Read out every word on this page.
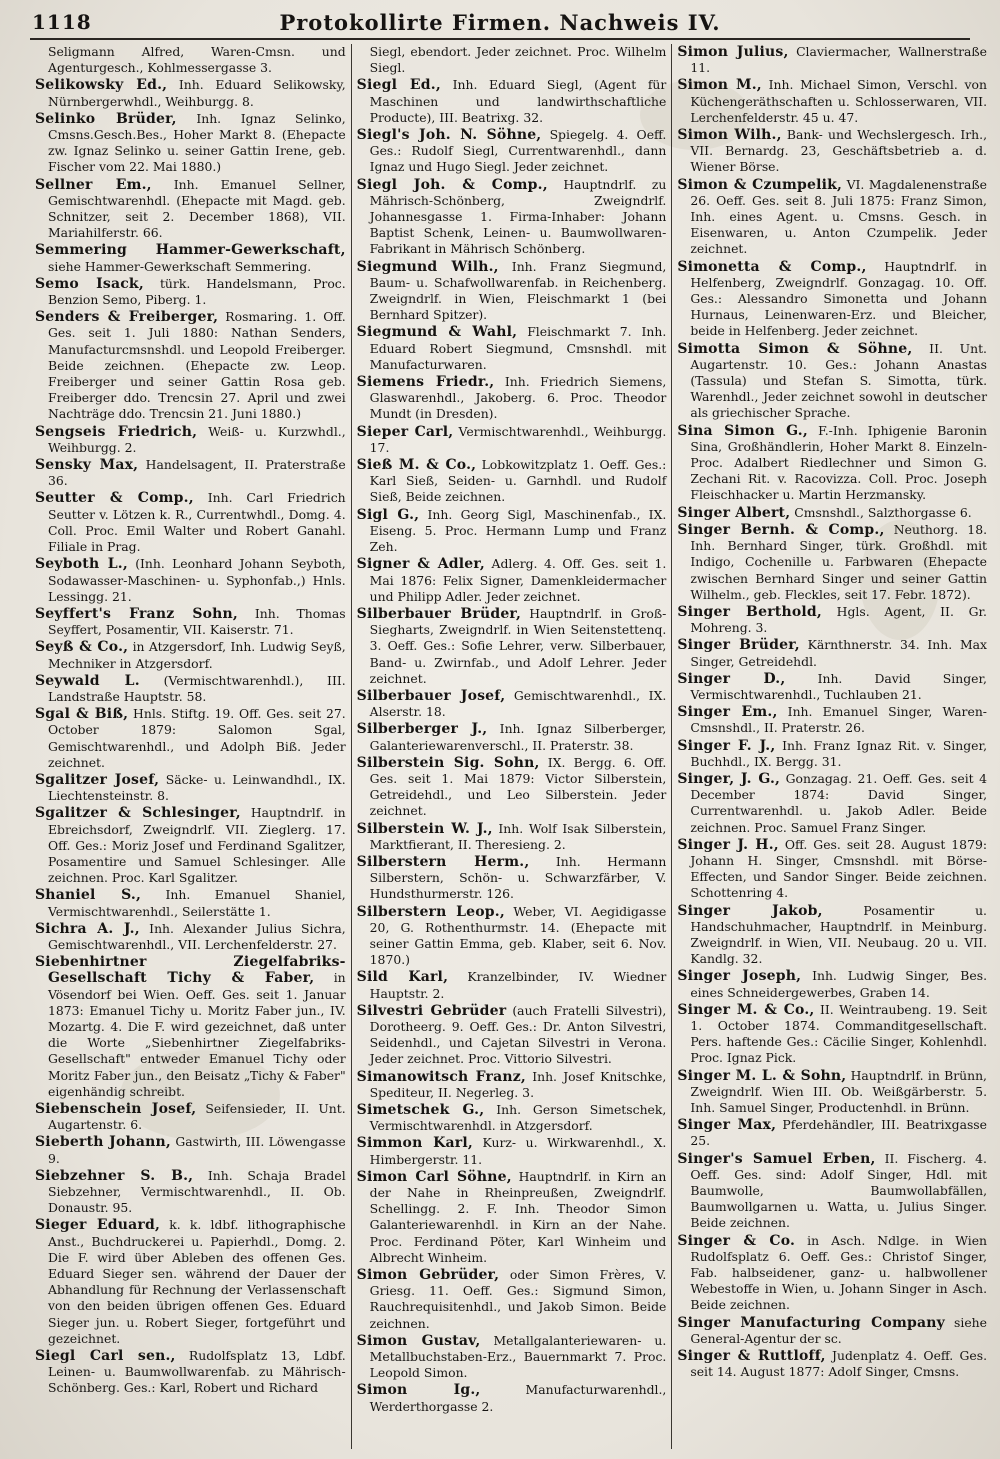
1118	Protokollirte Firmen. Nachweis IV.

Seligmann Alfred, Waren-Cmsn. und Agenturgesch., Kohlmessergasse 3.

Selikowsky Ed., Inh. Eduard Selikowsky, Nürnbergerwhdl., Weihburgg. 8.

Selinko Brüder, Inh. Ignaz Selinko, Cmsns.Gesch.Bes., Hoher Markt 8. (Ehepacte zw. Ignaz Selinko u. seiner Gattin Irene, geb. Fischer vom 22. Mai 1880.)

Sellner Em., Inh. Emanuel Sellner, Gemischtwarenhdl. (Ehepacte mit Magd. geb. Schnitzer, seit 2. December 1868), VII. Mariahilferstr. 66.

Semmering Hammer-Gewerkschaft, siehe Hammer-Gewerkschaft Semmering.

Semo Isack, türk. Handelsmann, Proc. Benzion Semo, Piberg. 1.

Senders & Freiberger, Rosmaring. 1. Off. Ges. seit 1. Juli 1880: Nathan Senders, Manufacturcmsnshdl. und Leopold Freiberger. Beide zeichnen. (Ehepacte zw. Leop. Freiberger und seiner Gattin Rosa geb. Freiberger ddo. Trencsin 27. April und zwei Nachträge ddo. Trencsin 21. Juni 1880.)

Sengseis Friedrich, Weiß- u. Kurzwhdl., Weihburgg. 2.

Sensky Max, Handelsagent, II. Praterstraße 36.

Seutter & Comp., Inh. Carl Friedrich Seutter v. Lötzen k. R., Currentwhdl., Domg. 4. Coll. Proc. Emil Walter und Robert Ganahl. Filiale in Prag.

Seyboth L., (Inh. Leonhard Johann Seyboth, Sodawasser-Maschinen- u. Syphonfab.,) Hnls. Lessingg. 21.

Seyffert's Franz Sohn, Inh. Thomas Seyffert, Posamentir, VII. Kaiserstr. 71.

Seyß & Co., in Atzgersdorf, Inh. Ludwig Seyß, Mechniker in Atzgersdorf.

Seywald L. (Vermischtwarenhdl.), III. Landstraße Hauptstr. 58.

Sgal & Biß, Hnls. Stiftg. 19. Off. Ges. seit 27. October 1879: Salomon Sgal, Gemischtwarenhdl., und Adolph Biß. Jeder zeichnet.

Sgalitzer Josef, Säcke- u. Leinwandhdl., IX. Liechtensteinstr. 8.

Sgalitzer & Schlesinger, Hauptndrlf. in Ebreichsdorf, Zweigndrlf. VII. Zieglerg. 17. Off. Ges.: Moriz Josef und Ferdinand Sgalitzer, Posamentire und Samuel Schlesinger. Alle zeichnen. Proc. Karl Sgalitzer.

Shaniel S., Inh. Emanuel Shaniel, Vermischtwarenhdl., Seilerstätte 1.

Sichra A. J., Inh. Alexander Julius Sichra, Gemischtwarenhdl., VII. Lerchenfelderstr. 27.

Siebenhirtner Ziegelfabriks-Gesellschaft Tichy & Faber, in Vösendorf bei Wien. Oeff. Ges. seit 1. Januar 1873: Emanuel Tichy u. Moritz Faber jun., IV. Mozartg. 4. Die F. wird gezeichnet, daß unter die Worte „Siebenhirtner Ziegelfabriks-Gesellschaft" entweder Emanuel Tichy oder Moritz Faber jun., den Beisatz „Tichy & Faber" eigenhändig schreibt.

Siebenschein Josef, Seifensieder, II. Unt. Augartenstr. 6.

Sieberth Johann, Gastwirth, III. Löwengasse 9.

Siebzehner S. B., Inh. Schaja Bradel Siebzehner, Vermischtwarenhdl., II. Ob. Donaustr. 95.

Sieger Eduard, k. k. ldbf. lithographische Anst., Buchdruckerei u. Papierhdl., Domg. 2. Die F. wird über Ableben des offenen Ges. Eduard Sieger sen. während der Dauer der Abhandlung für Rechnung der Verlassenschaft von den beiden übrigen offenen Ges. Eduard Sieger jun. u. Robert Sieger, fortgeführt und gezeichnet.

Siegl Carl sen., Rudolfsplatz 13, Ldbf. Leinen- u. Baumwollwarenfab. zu Mährisch-Schönberg. Ges.: Karl, Robert und Richard

Siegl, ebendort. Jeder zeichnet. Proc. Wilhelm Siegl.

Siegl Ed., Inh. Eduard Siegl, (Agent für Maschinen und landwirthschaftliche Producte), III. Beatrixg. 32.

Siegl's Joh. N. Söhne, Spiegelg. 4. Oeff. Ges.: Rudolf Siegl, Currentwarenhdl., dann Ignaz und Hugo Siegl. Jeder zeichnet.

Siegl Joh. & Comp., Hauptndrlf. zu Mährisch-Schönberg, Zweigndrlf. Johannesgasse 1. Firma-Inhaber: Johann Baptist Schenk, Leinen- u. Baumwollwaren-Fabrikant in Mährisch Schönberg.

Siegmund Wilh., Inh. Franz Siegmund, Baum- u. Schafwollwarenfab. in Reichenberg. Zweigndrlf. in Wien, Fleischmarkt 1 (bei Bernhard Spitzer).

Siegmund & Wahl, Fleischmarkt 7. Inh. Eduard Robert Siegmund, Cmsnshdl. mit Manufacturwaren.

Siemens Friedr., Inh. Friedrich Siemens, Glaswarenhdl., Jakoberg. 6. Proc. Theodor Mundt (in Dresden).

Sieper Carl, Vermischtwarenhdl., Weihburgg. 17.

Sieß M. & Co., Lobkowitzplatz 1. Oeff. Ges.: Karl Sieß, Seiden- u. Garnhdl. und Rudolf Sieß, Beide zeichnen.

Sigl G., Inh. Georg Sigl, Maschinenfab., IX. Eiseng. 5. Proc. Hermann Lump und Franz Zeh.

Signer & Adler, Adlerg. 4. Off. Ges. seit 1. Mai 1876: Felix Signer, Damenkleidermacher und Philipp Adler. Jeder zeichnet.

Silberbauer Brüder, Hauptndrlf. in Groß-Siegharts, Zweigndrlf. in Wien Seitenstettenq. 3. Oeff. Ges.: Sofie Lehrer, verw. Silberbauer, Band- u. Zwirnfab., und Adolf Lehrer. Jeder zeichnet.

Silberbauer Josef, Gemischtwarenhdl., IX. Alserstr. 18.

Silberberger J., Inh. Ignaz Silberberger, Galanteriewarenverschl., II. Praterstr. 38.

Silberstein Sig. Sohn, IX. Bergg. 6. Off. Ges. seit 1. Mai 1879: Victor Silberstein, Getreidehdl., und Leo Silberstein. Jeder zeichnet.

Silberstein W. J., Inh. Wolf Isak Silberstein, Marktfierant, II. Theresieng. 2.

Silberstern Herm., Inh. Hermann Silberstern, Schön- u. Schwarzfärber, V. Hundsthurmerstr. 126.

Silberstern Leop., Weber, VI. Aegidigasse 20, G. Rothenthurmstr. 14. (Ehepacte mit seiner Gattin Emma, geb. Klaber, seit 6. Nov. 1870.)

Sild Karl, Kranzelbinder, IV. Wiedner Hauptstr. 2.

Silvestri Gebrüder (auch Fratelli Silvestri), Dorotheerg. 9. Oeff. Ges.: Dr. Anton Silvestri, Seidenhdl., und Cajetan Silvestri in Verona. Jeder zeichnet. Proc. Vittorio Silvestri.

Simanowitsch Franz, Inh. Josef Knitschke, Spediteur, II. Negerleg. 3.

Simetschek G., Inh. Gerson Simetschek, Vermischtwarenhdl. in Atzgersdorf.

Simmon Karl, Kurz- u. Wirkwarenhdl., X. Himbergerstr. 11.

Simon Carl Söhne, Hauptndrlf. in Kirn an der Nahe in Rheinpreußen, Zweigndrlf. Schellingg. 2. F. Inh. Theodor Simon Galanteriewarenhdl. in Kirn an der Nahe. Proc. Ferdinand Pöter, Karl Winheim und Albrecht Winheim.

Simon Gebrüder, oder Simon Frères, V. Griesg. 11. Oeff. Ges.: Sigmund Simon, Rauchrequisitenhdl., und Jakob Simon. Beide zeichnen.

Simon Gustav, Metallgalanteriewaren- u. Metallbuchstaben-Erz., Bauernmarkt 7. Proc. Leopold Simon.

Simon Ig.,	Manufacturwarenhdl., Werderthorgasse 2.

Simon Julius, Claviermacher, Wallnerstraße 11.

Simon M., Inh. Michael Simon, Verschl. von Küchengeräthschaften u. Schlosserwaren, VII. Lerchenfelderstr. 45 u. 47.

Simon Wilh., Bank- und Wechslergesch. Irh., VII. Bernardg. 23, Geschäftsbetrieb a. d. Wiener Börse.

Simon & Czumpelik, VI. Magdalenenstraße 26. Oeff. Ges. seit 8. Juli 1875: Franz Simon, Inh. eines Agent. u. Cmsns. Gesch. in Eisenwaren, u. Anton Czumpelik. Jeder zeichnet.

Simonetta & Comp., Hauptndrlf. in Helfenberg, Zweigndrlf. Gonzagag. 10. Off. Ges.: Alessandro Simonetta und Johann Hurnaus, Leinenwaren-Erz. und Bleicher, beide in Helfenberg. Jeder zeichnet.

Simotta Simon & Söhne, II. Unt. Augartenstr. 10. Ges.: Johann Anastas (Tassula) und Stefan S. Simotta, türk. Warenhdl., Jeder zeichnet sowohl in deutscher als griechischer Sprache.

Sina Simon G., F.-Inh. Iphigenie Baronin Sina, Großhändlerin, Hoher Markt 8. Einzeln-Proc. Adalbert Riedlechner und Simon G. Zechani Rit. v. Racovizza. Coll. Proc. Joseph Fleischhacker u. Martin Herzmansky.

Singer Albert, Cmsnshdl., Salzthorgasse 6.

Singer Bernh. & Comp., Neuthorg. 18. Inh. Bernhard Singer, türk. Großhdl. mit Indigo, Cochenille u. Farbwaren (Ehepacte zwischen Bernhard Singer und seiner Gattin Wilhelm., geb. Fleckles, seit 17. Febr. 1872).

Singer Berthold, Hgls. Agent, II. Gr. Mohreng. 3.

Singer Brüder, Kärnthnerstr. 34. Inh. Max Singer, Getreidehdl.

Singer D.,	Inh. David Singer, Vermischtwarenhdl., Tuchlauben 21.

Singer Em., Inh. Emanuel Singer, Waren-Cmsnshdl., II. Praterstr. 26.

Singer F. J., Inh. Franz Ignaz Rit. v. Singer, Buchhdl., IX. Bergg. 31.

Singer, J. G., Gonzagag. 21. Oeff. Ges. seit 4 December 1874: David Singer, Currentwarenhdl. u. Jakob Adler. Beide zeichnen. Proc. Samuel Franz Singer.

Singer J. H., Off. Ges. seit 28. August 1879: Johann H. Singer, Cmsnshdl. mit Börse-Effecten, und Sandor Singer. Beide zeichnen. Schottenring 4.

Singer Jakob,	Posamentir u. Handschuhmacher, Hauptndrlf. in Meinburg. Zweigndrlf. in Wien, VII. Neubaug. 20 u. VII. Kandlg. 32.

Singer Joseph, Inh. Ludwig Singer, Bes. eines Schneidergewerbes, Graben 14.

Singer M. & Co., II. Weintraubeng. 19. Seit 1. October 1874. Commanditgesellschaft. Pers. haftende Ges.: Cäcilie Singer, Kohlenhdl. Proc. Ignaz Pick.

Singer M. L. & Sohn, Hauptndrlf. in Brünn, Zweigndrlf. Wien III. Ob. Weißgärberstr. 5. Inh. Samuel Singer, Productenhdl. in Brünn.

Singer Max, Pferdehändler, III. Beatrixgasse 25.

Singer's Samuel Erben, II. Fischerg. 4. Oeff. Ges. sind: Adolf Singer, Hdl. mit Baumwolle, Baumwollabfällen, Baumwollgarnen u. Watta, u. Julius Singer. Beide zeichnen.

Singer & Co. in Asch. Ndlge. in Wien Rudolfsplatz 6. Oeff. Ges.: Christof Singer, Fab. halbseidener, ganz- u. halbwollener Webestoffe in Wien, u. Johann Singer in Asch. Beide zeichnen.

Singer Manufacturing Company siehe General-Agentur der sc.

Singer & Ruttloff, Judenplatz 4. Oeff. Ges. seit 14. August 1877: Adolf Singer, Cmsns.
